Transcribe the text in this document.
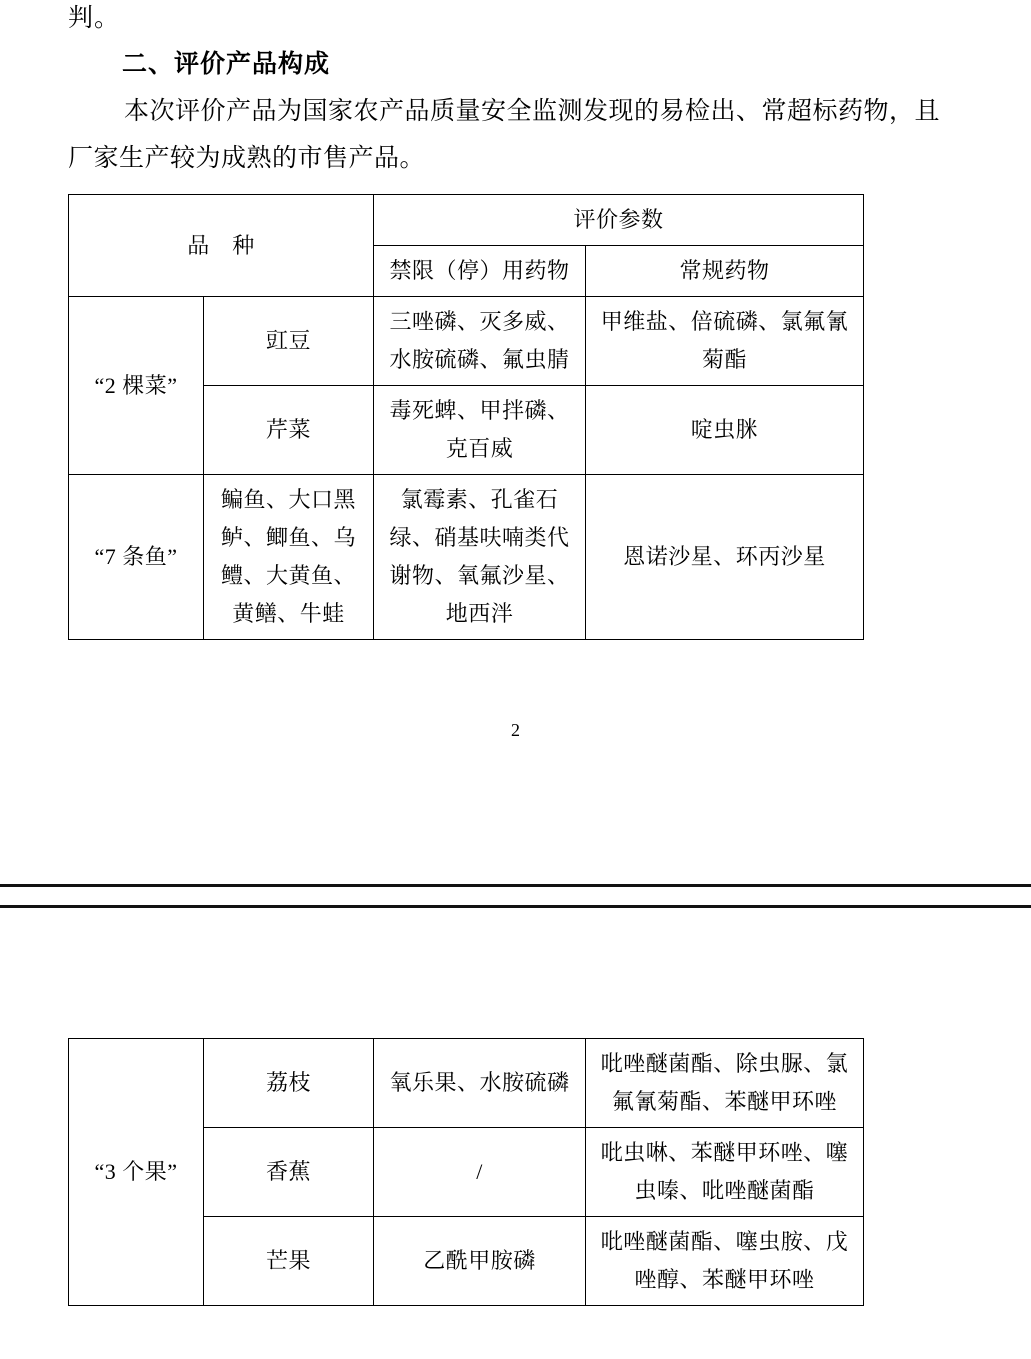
判。
二、评价产品构成
本次评价产品为国家农产品质量安全监测发现的易检出、常超标药物，且厂家生产较为成熟的市售产品。
品　种		评价参数	
		禁限（停）用药物	常规药物
“2 棵菜”	豇豆	三唑磷、灭多威、水胺硫磷、氟虫腈	甲维盐、倍硫磷、氯氟氰菊酯
	芹菜	毒死蜱、甲拌磷、克百威	啶虫脒
“7 条鱼”	鳊鱼、大口黑鲈、鲫鱼、乌鳢、大黄鱼、黄鳝、牛蛙	氯霉素、孔雀石绿、硝基呋喃类代谢物、氧氟沙星、地西泮	恩诺沙星、环丙沙星
2
“3 个果”	荔枝	氧乐果、水胺硫磷	吡唑醚菌酯、除虫脲、氯氟氰菊酯、苯醚甲环唑
	香蕉	/	吡虫啉、苯醚甲环唑、噻虫嗪、吡唑醚菌酯
	芒果	乙酰甲胺磷	吡唑醚菌酯、噻虫胺、戊唑醇、苯醚甲环唑
